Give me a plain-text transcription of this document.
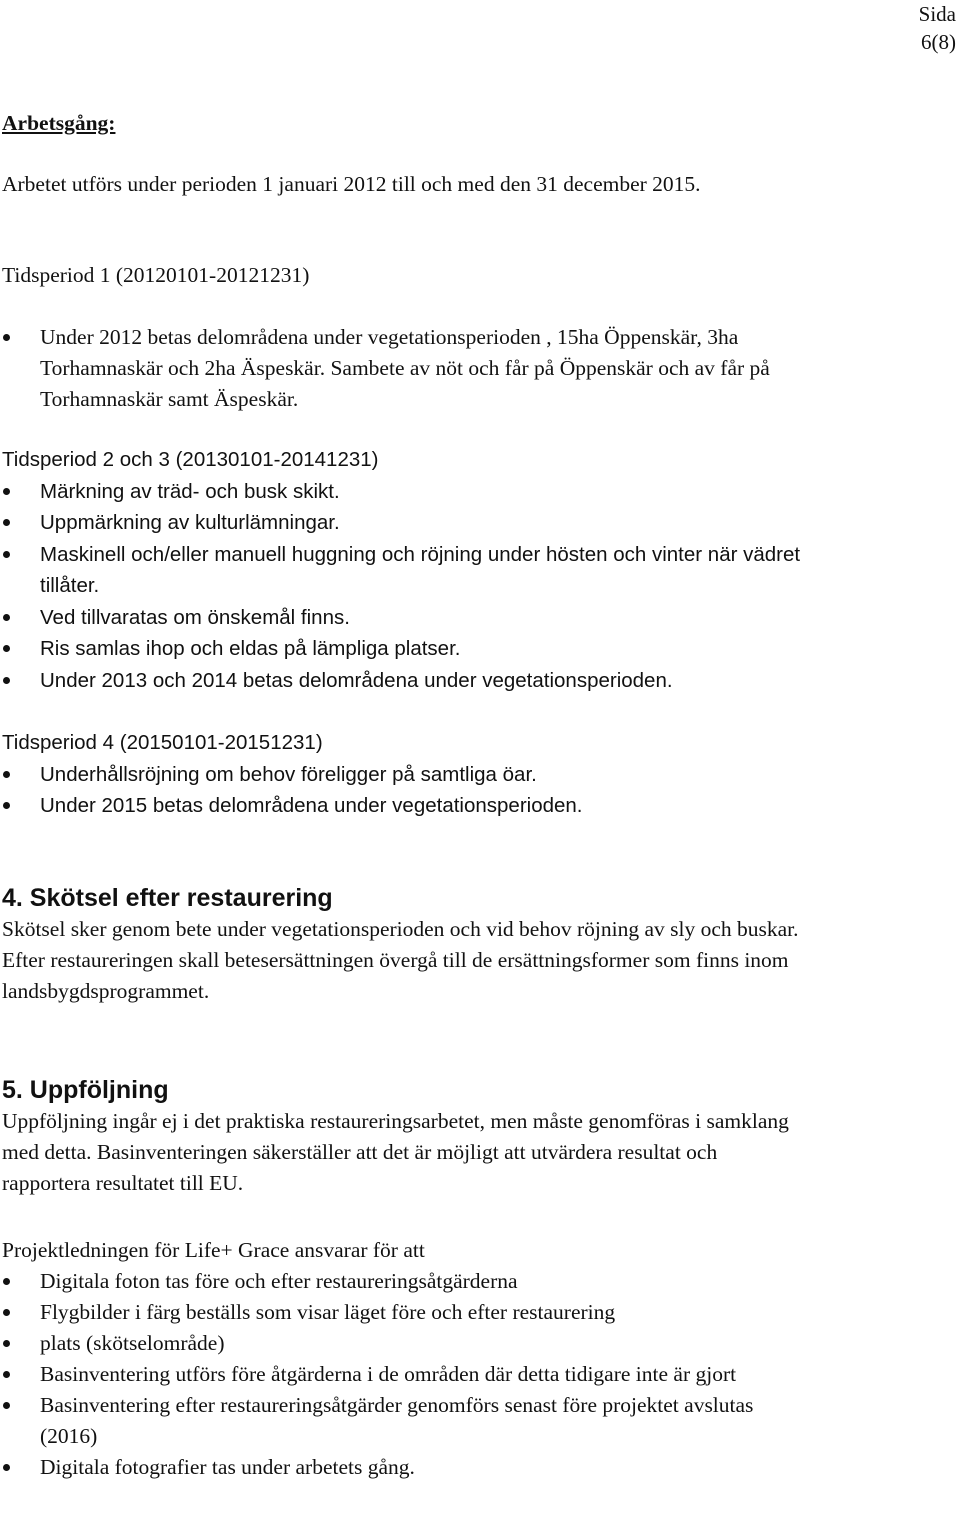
Sida
6(8)

Arbetsgång:

Arbetet utförs under perioden 1 januari 2012 till och med den 31 december 2015.

Tidsperiod 1 (20120101-20121231)

Under 2012 betas delområdena under vegetationsperioden , 15ha Öppenskär, 3ha Torhamnaskär och 2ha Äspeskär. Sambete av nöt och får på Öppenskär och av får på Torhamnaskär samt Äspeskär.

Tidsperiod 2 och 3 (20130101-20141231)

Märkning av träd- och busk skikt.
Uppmärkning av kulturlämningar.
Maskinell och/eller manuell huggning och röjning under hösten och vinter när vädret tillåter.
Ved tillvaratas om önskemål finns.
Ris samlas ihop och eldas på lämpliga platser.
Under 2013 och 2014 betas delområdena under vegetationsperioden.

Tidsperiod 4 (20150101-20151231)

Underhållsröjning om behov föreligger på samtliga öar.
Under 2015 betas delområdena under vegetationsperioden.

4. Skötsel efter restaurering

Skötsel sker genom bete under vegetationsperioden och vid behov röjning av sly och buskar. Efter restaureringen skall betesersättningen övergå till de ersättningsformer som finns inom landsbygdsprogrammet.

5. Uppföljning

Uppföljning ingår ej i det praktiska restaureringsarbetet, men måste genomföras i samklang med detta. Basinventeringen säkerställer att det är möjligt att utvärdera resultat och rapportera resultatet till EU.

Projektledningen för Life+ Grace ansvarar för att

Digitala foton tas före och efter restaureringsåtgärderna
Flygbilder i färg beställs som visar läget före och efter restaurering
plats (skötselområde)
Basinventering utförs före åtgärderna i de områden där detta tidigare inte är gjort
Basinventering efter restaureringsåtgärder genomförs senast före projektet avslutas (2016)
Digitala fotografier tas under arbetets gång.
